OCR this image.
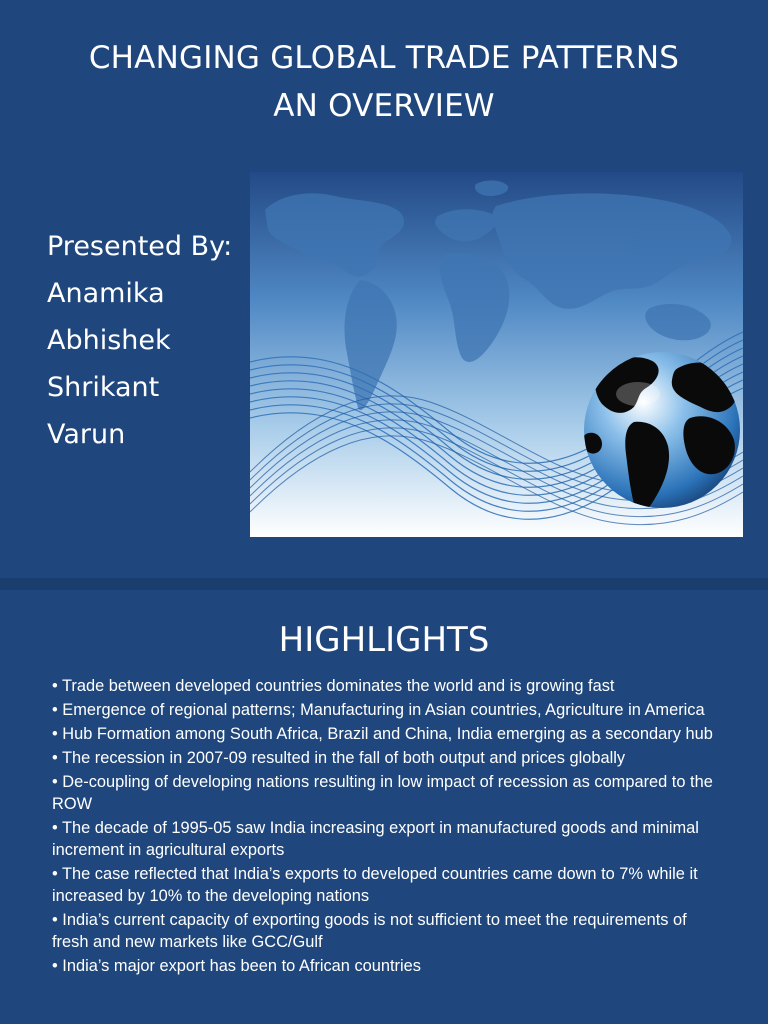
CHANGING GLOBAL TRADE PATTERNS
AN OVERVIEW
Presented By:
Anamika
Abhishek
Shrikant
Varun
HIGHLIGHTS
• Trade between developed countries dominates the world and is growing fast
• Emergence of regional patterns; Manufacturing in Asian countries, Agriculture in America
• Hub Formation among South Africa, Brazil and China, India emerging as a secondary hub
• The recession in 2007-09 resulted in the fall of both output and prices globally
• De-coupling of developing nations resulting in low impact of recession as compared to the ROW
• The decade of 1995-05 saw India increasing export in manufactured goods and minimal increment in agricultural exports
• The case reflected that India’s exports to developed countries came down to 7% while it increased by 10% to the developing nations
• India’s current capacity of exporting goods is not sufficient to meet the requirements of fresh and new markets like GCC/Gulf
• India’s major export has been to African countries
